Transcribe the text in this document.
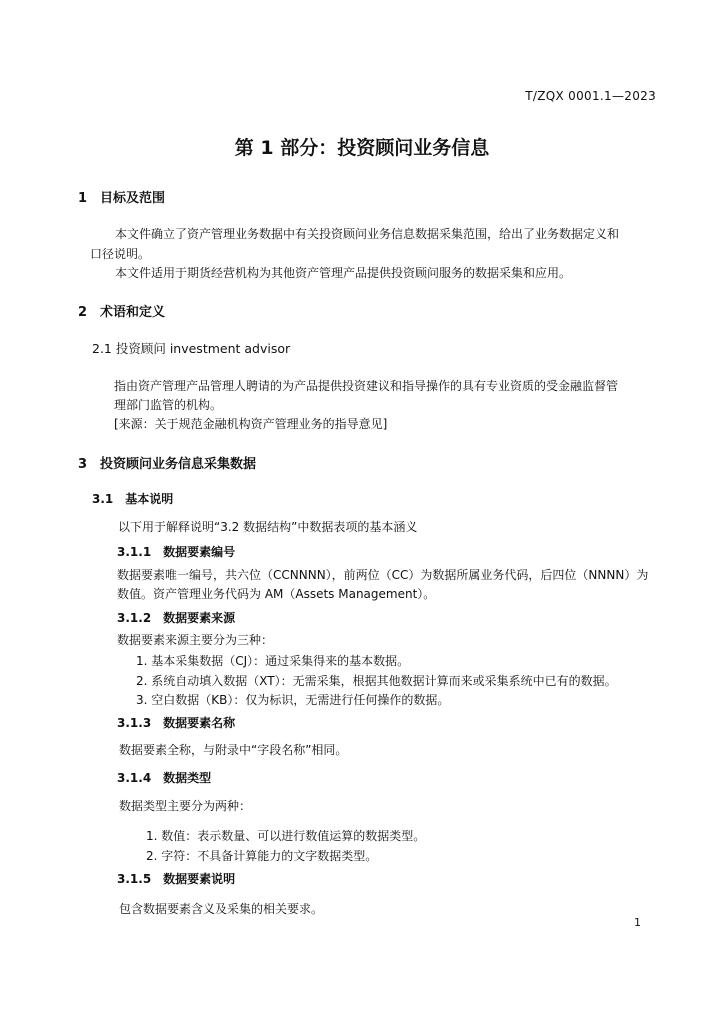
T/ZQX 0001.1—2023
第 1 部分：投资顾问业务信息
1　目标及范围
本文件确立了资产管理业务数据中有关投资顾问业务信息数据采集范围，给出了业务数据定义和
口径说明。
本文件适用于期货经营机构为其他资产管理产品提供投资顾问服务的数据采集和应用。
2　术语和定义
2.1 投资顾问 investment advisor
指由资产管理产品管理人聘请的为产品提供投资建议和指导操作的具有专业资质的受金融监督管
理部门监管的机构。
[来源：关于规范金融机构资产管理业务的指导意见]
3　投资顾问业务信息采集数据
3.1　基本说明
以下用于解释说明“3.2 数据结构”中数据表项的基本涵义
3.1.1　数据要素编号
数据要素唯一编号，共六位（CCNNNN），前两位（CC）为数据所属业务代码，后四位（NNNN）为
数值。资产管理业务代码为 AM（Assets Management）。
3.1.2　数据要素来源
数据要素来源主要分为三种：
1. 基本采集数据（CJ）：通过采集得来的基本数据。
2. 系统自动填入数据（XT）：无需采集，根据其他数据计算而来或采集系统中已有的数据。
3. 空白数据（KB）：仅为标识，无需进行任何操作的数据。
3.1.3　数据要素名称
数据要素全称，与附录中“字段名称”相同。
3.1.4　数据类型
数据类型主要分为两种：
1. 数值：表示数量、可以进行数值运算的数据类型。
2. 字符：不具备计算能力的文字数据类型。
3.1.5　数据要素说明
包含数据要素含义及采集的相关要求。
1
